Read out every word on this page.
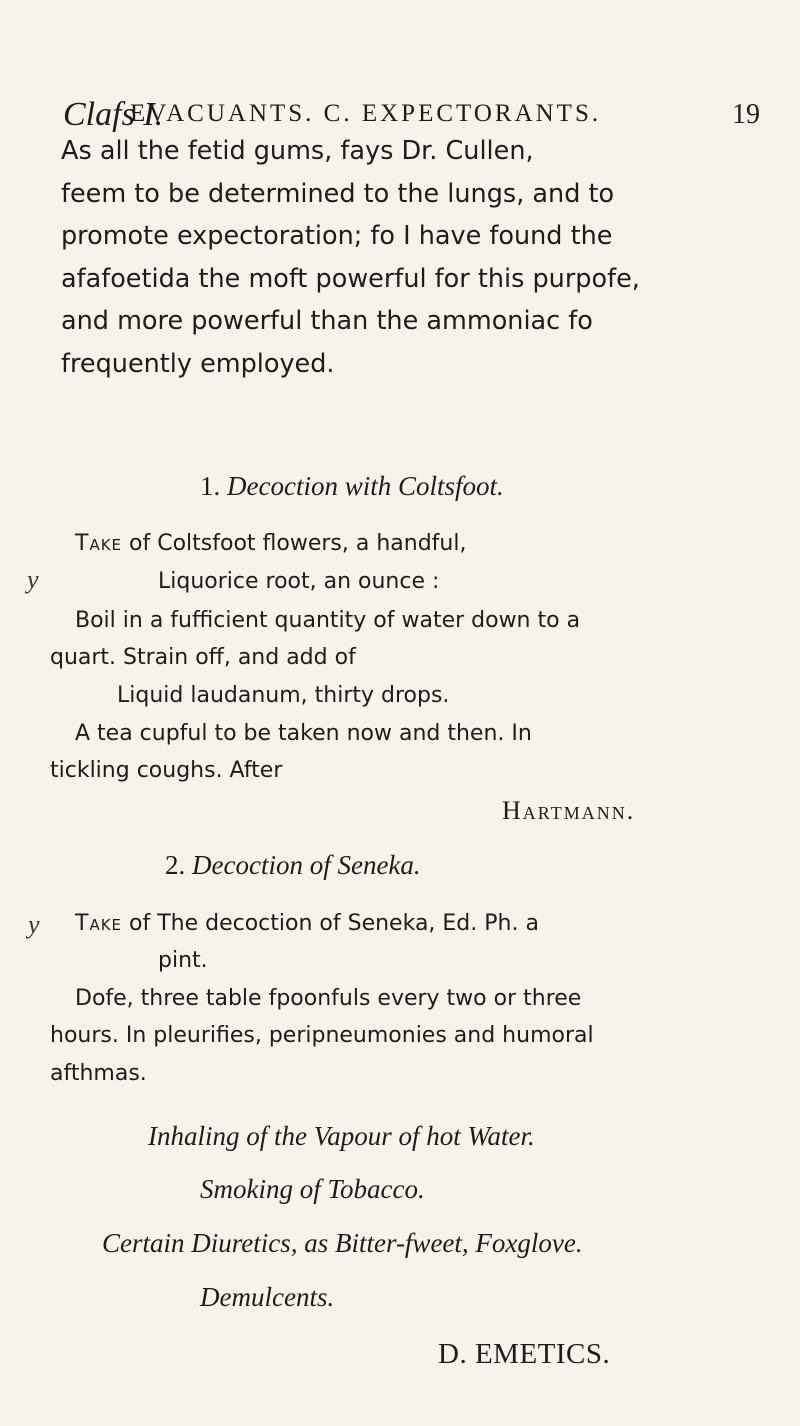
Clafs I.
EVACUANTS. C. EXPECTORANTS.	19
As all the fetid gums, fays Dr. Cullen,
feem to be determined to the lungs, and to
promote expectoration; fo I have found the
afafoetida the moft powerful for this purpofe,
and more powerful than the ammoniac fo
frequently employed.
1. Decoction with Coltsfoot.
y
Take of Coltsfoot flowers, a handful,
Liquorice root, an ounce :
Boil in a fufficient quantity of water down to a
quart. Strain off, and add of
Liquid laudanum, thirty drops.
A tea cupful to be taken now and then. In
tickling coughs. After
Hartmann.
2. Decoction of Seneka.
y Take of The decoction of Seneka, Ed. Ph. a
pint.
Dofe, three table fpoonfuls every two or three
hours. In pleurifies, peripneumonies and humoral
afthmas.
Inhaling of the Vapour of hot Water.
Smoking of Tobacco.
Certain Diuretics, as Bitter-fweet, Foxglove.
Demulcents.
D. EMETICS.
